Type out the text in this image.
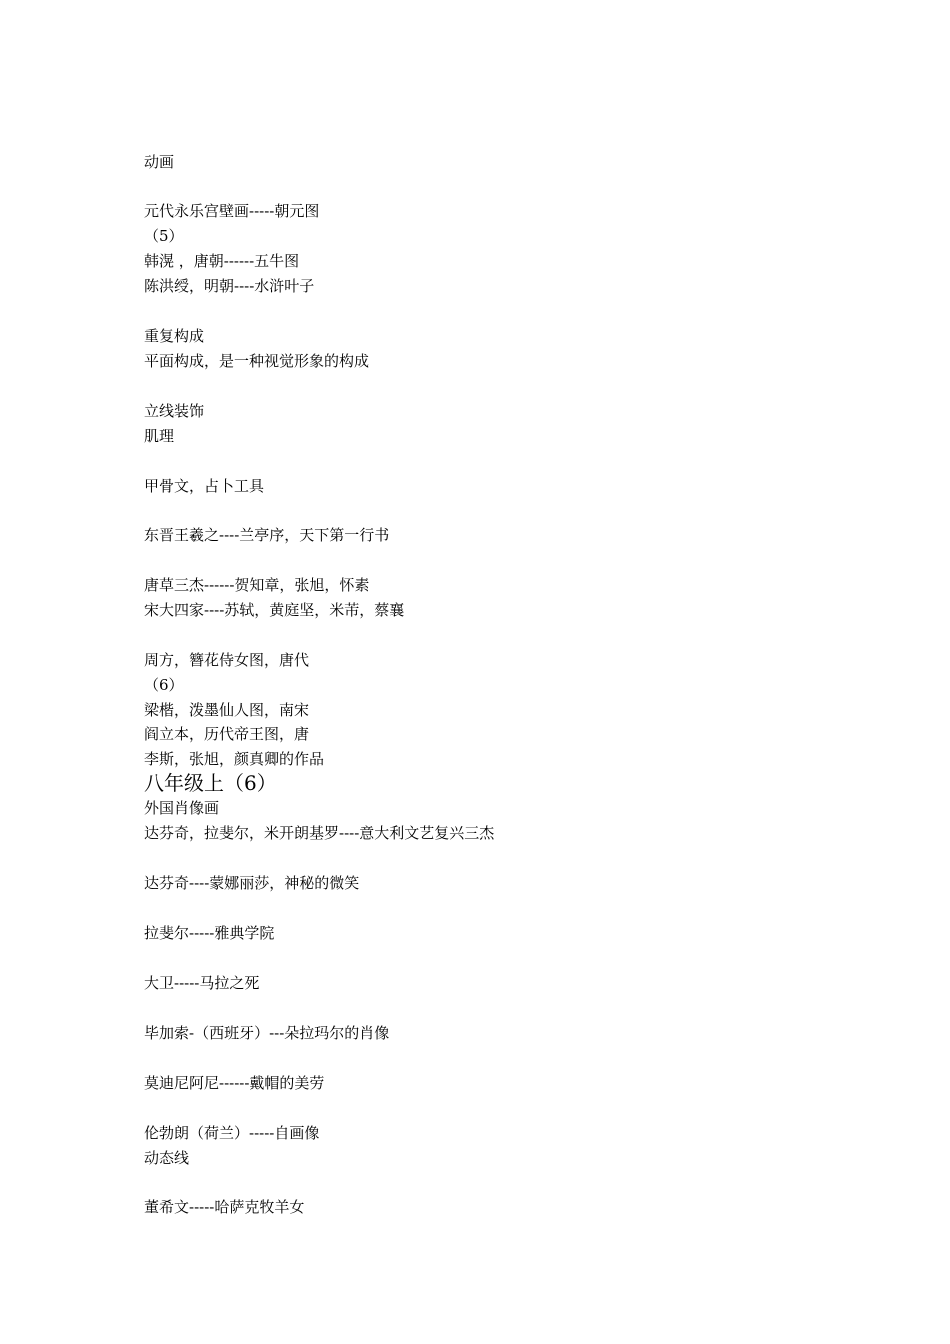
动画
元代永乐宫壁画-----朝元图
（5）
韩滉 ，唐朝------五牛图
陈洪绶，明朝----水浒叶子
重复构成
平面构成，是一种视觉形象的构成
立线装饰
肌理
甲骨文，占卜工具
东晋王羲之----兰亭序，天下第一行书
唐草三杰------贺知章，张旭，怀素
宋大四家----苏轼，黄庭坚，米芾，蔡襄
周方，簪花侍女图，唐代
（6）
梁楷，泼墨仙人图，南宋
阎立本，历代帝王图，唐
李斯，张旭，颜真卿的作品
八年级上（6）
外国肖像画
达芬奇，拉斐尔，米开朗基罗----意大利文艺复兴三杰
达芬奇----蒙娜丽莎，神秘的微笑
拉斐尔-----雅典学院
大卫-----马拉之死
毕加索-（西班牙）---朵拉玛尔的肖像
莫迪尼阿尼------戴帽的美劳
伦勃朗（荷兰）-----自画像
动态线
董希文-----哈萨克牧羊女
